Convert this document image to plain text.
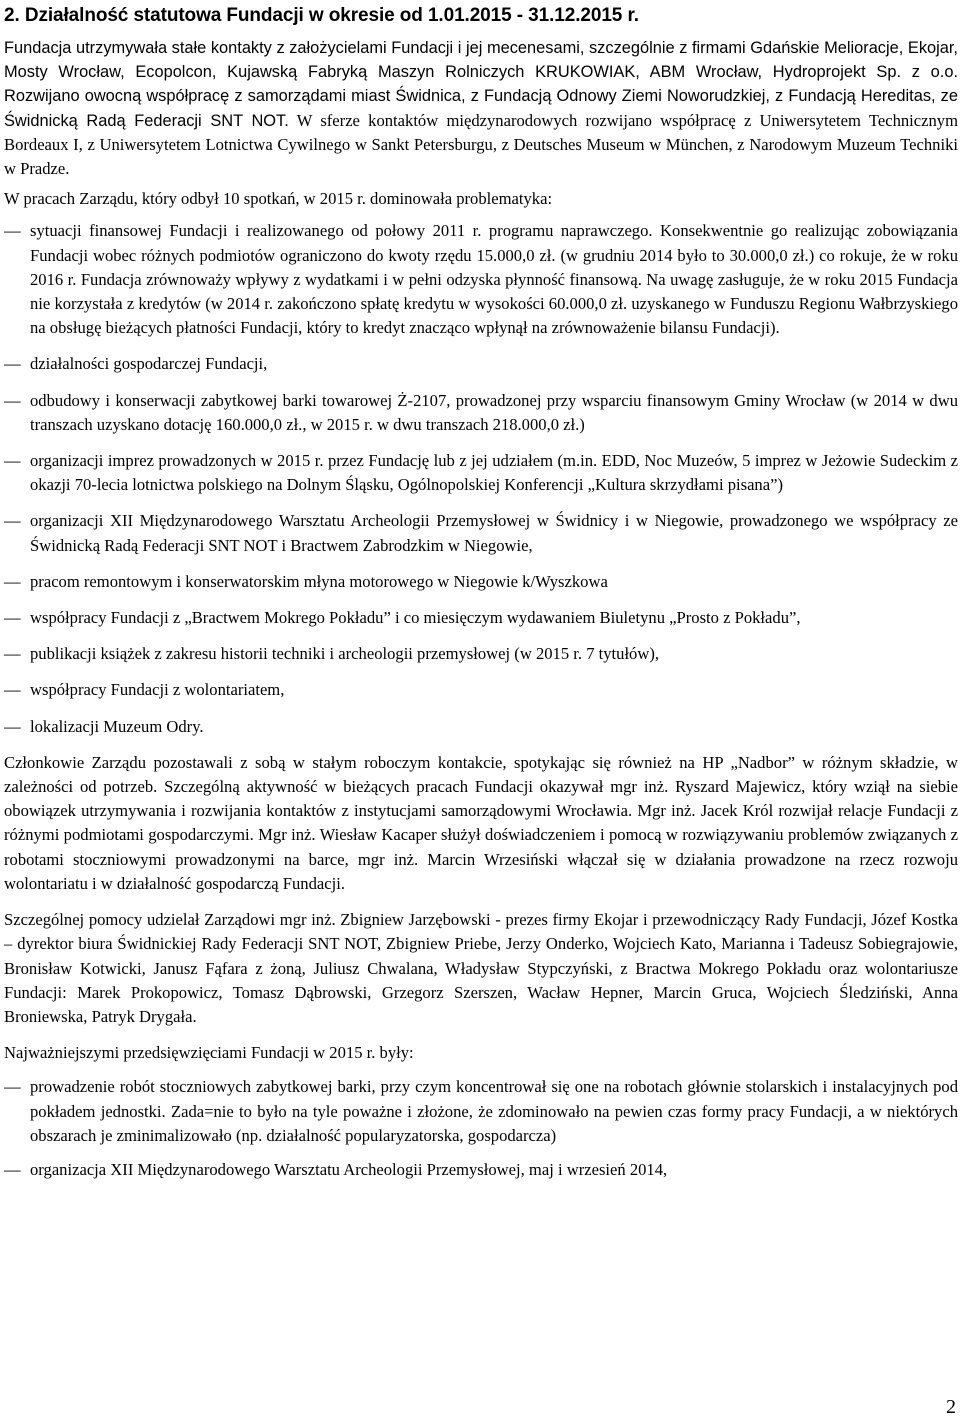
2. Działalność statutowa Fundacji w okresie od 1.01.2015 - 31.12.2015 r.

Fundacja utrzymywała stałe kontakty z założycielami Fundacji i jej mecenesami, szczególnie z firmami Gdańskie Melioracje, Ekojar, Mosty Wrocław, Ecopolcon, Kujawską Fabryką Maszyn Rolniczych KRUKOWIAK, ABM Wrocław, Hydroprojekt Sp. z o.o. Rozwijano owocną współpracę z samorządami miast Świdnica, z Fundacją Odnowy Ziemi Noworudzkiej, z Fundacją Hereditas, ze Świdnicką Radą Federacji SNT NOT. W sferze kontaktów międzynarodowych rozwijano współpracę z Uniwersytetem Technicznym Bordeaux I, z Uniwersytetem Lotnictwa Cywilnego w Sankt Petersburgu, z Deutsches Museum w München, z Narodowym Muzeum Techniki w Pradze.

W pracach Zarządu, który odbył 10 spotkań, w 2015 r. dominowała problematyka:

— sytuacji finansowej Fundacji i realizowanego od połowy 2011 r. programu naprawczego. Konsekwentnie go realizując zobowiązania Fundacji wobec różnych podmiotów ograniczono do kwoty rzędu 15.000,0 zł. (w grudniu 2014 było to 30.000,0 zł.) co rokuje, że w roku 2016 r. Fundacja zrównoważy wpływy z wydatkami i w pełni odzyska płynność finansową. Na uwagę zasługuje, że w roku 2015 Fundacja nie korzystała z kredytów (w 2014 r. zakończono spłatę kredytu w wysokości 60.000,0 zł. uzyskanego w Funduszu Regionu Wałbrzyskiego na obsługę bieżących płatności Fundacji, który to kredyt znacząco wpłynął na zrównoważenie bilansu Fundacji).
— działalności gospodarczej Fundacji,
— odbudowy i konserwacji zabytkowej barki towarowej Ż-2107, prowadzonej przy wsparciu finansowym Gminy Wrocław (w 2014 w dwu transzach uzyskano dotację 160.000,0 zł., w 2015 r. w dwu transzach 218.000,0 zł.)
— organizacji imprez prowadzonych w 2015 r. przez Fundację lub z jej udziałem (m.in. EDD, Noc Muzeów, 5 imprez w Jeżowie Sudeckim z okazji 70-lecia lotnictwa polskiego na Dolnym Śląsku, Ogólnopolskiej Konferencji „Kultura skrzydłami pisana”)
— organizacji XII Międzynarodowego Warsztatu Archeologii Przemysłowej w Świdnicy i w Niegowie, prowadzonego we współpracy ze Świdnicką Radą Federacji SNT NOT i Bractwem Zabrodzkim w Niegowie,
— pracom remontowym i konserwatorskim młyna motorowego w Niegowie k/Wyszkowa
— współpracy Fundacji z „Bractwem Mokrego Pokładu” i co miesięczym wydawaniem Biuletynu „Prosto z Pokładu”,
— publikacji książek z zakresu historii techniki i archeologii przemysłowej (w 2015 r. 7 tytułów),
— współpracy Fundacji z wolontariatem,
— lokalizacji Muzeum Odry.

Członkowie Zarządu pozostawali z sobą w stałym roboczym kontakcie, spotykając się również na HP „Nadbor” w różnym składzie, w zależności od potrzeb. Szczególną aktywność w bieżących pracach Fundacji okazywał mgr inż. Ryszard Majewicz, który wziął na siebie obowiązek utrzymywania i rozwijania kontaktów z instytucjami samorządowymi Wrocławia. Mgr inż. Jacek Król rozwijał relacje Fundacji z różnymi podmiotami gospodarczymi. Mgr inż. Wiesław Kacaper służył doświadczeniem i pomocą w rozwiązywaniu problemów związanych z robotami stoczniowymi prowadzonymi na barce, mgr inż. Marcin Wrzesiński włączał się w działania prowadzone na rzecz rozwoju wolontariatu i w działalność gospodarczą Fundacji.

Szczególnej pomocy udzielał Zarządowi mgr inż. Zbigniew Jarzębowski - prezes firmy Ekojar i przewodniczący Rady Fundacji, Józef Kostka – dyrektor biura Świdnickiej Rady Federacji SNT NOT, Zbigniew Priebe, Jerzy Onderko, Wojciech Kato, Marianna i Tadeusz Sobiegrajowie, Bronisław Kotwicki, Janusz Fąfara z żoną, Juliusz Chwalana, Władysław Stypczyński, z Bractwa Mokrego Pokładu oraz wolontariusze Fundacji: Marek Prokopowicz, Tomasz Dąbrowski, Grzegorz Szerszen, Wacław Hepner, Marcin Gruca, Wojciech Śledziński, Anna Broniewska, Patryk Drygała.

Najważniejszymi przedsięwzięciami Fundacji w 2015 r. były:

— prowadzenie robót stoczniowych zabytkowej barki, przy czym koncentrował się one na robotach głównie stolarskich i instalacyjnych pod pokładem jednostki. Zada=nie to było na tyle poważne i złożone, że zdominowało na pewien czas formy pracy Fundacji, a w niektórych obszarach je zminimalizowało (np. działalność popularyzatorska, gospodarcza)
— organizacja XII Międzynarodowego Warsztatu Archeologii Przemysłowej, maj i wrzesień 2014,
2
